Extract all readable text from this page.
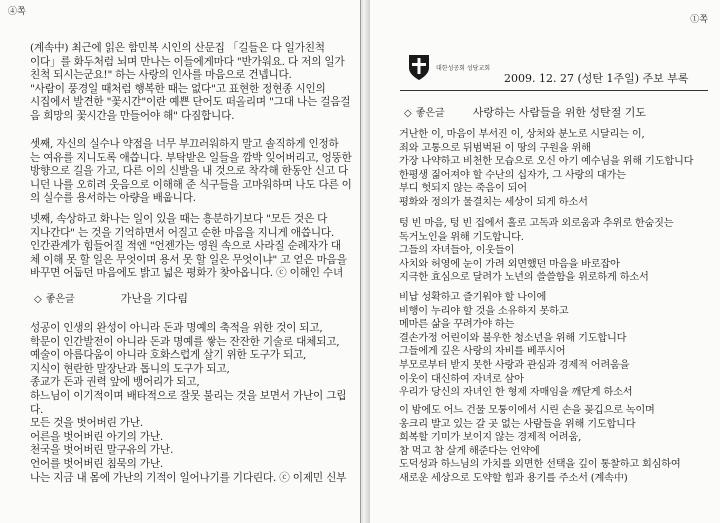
④쪽
(계속中) 최근에 읽은 함민복 시인의 산문집 「길들은 다 일가친척
이다」를 화두처럼 뇌며 만나는 이들에게마다 "반가워요. 다 저의 일가
친척 되시는군요!" 하는 사랑의 인사를 마음으로 건넵니다.
"사람이 풍경일 때처럼 행복한 때는 없다"고 표현한 정현종 시인의
시집에서 발견한 "꽃시간"이란 예쁜 단어도 떠올리며 "그대 나는 걸음걸
음 희망의 꽃시간을 만들어야 해" 다짐합니다.
셋째, 자신의 실수나 약점을 너무 부끄러워하지 말고 솔직하게 인정하
는 여유를 지니도록 애씁니다. 부탁받은 일들을 깜박 잊어버리고, 엉뚱한
방향으로 길을 가고, 다른 이의 신발을 내 것으로 착각해 한동안 신고 다
니던 나를 오히려 웃음으로 이해해 준 식구들을 고마워하며 나도 다른 이
의 실수를 용서하는 아량을 배웁니다.
넷째, 속상하고 화나는 일이 있을 때는 흥분하기보다 "모든 것은 다
지나간다" 는 것을 기억하면서 어질고 순한 마음을 지니게 애씁니다.
인간관계가 힘들어질 적엔 "언젠가는 영원 속으로 사라질 순례자가 대
체 이해 못 할 일은 무엇이며 용서 못 할 일은 무엇이냐" 고 얻은 마음을
바꾸면 어둡던 마음에도 밝고 넓은 평화가 찾아옵니다. ⓒ 이해인 수녀
◇ 좋은글	가난을 기다림
성공이 인생의 완성이 아니라 돈과 명예의 축적을 위한 것이 되고,
학문이 인간발전이 아니라 돈과 명예를 쌓는 잔잔한 기술로 대체되고,
예술이 아름다움이 아니라 호화스럽게 살기 위한 도구가 되고,
지식이 현란한 말장난과 톱니의 도구가 되고,
종교가 돈과 권력 앞에 뱅어리가 되고,
하느님이 이기적이며 배타적으로 잘못 불리는 것을 보면서 가난이 그립
다.
모든 것을 벗어버린 가난.
어른을 벗어버린 아기의 가난.
천국을 벗어버린 말구유의 가난.
언어를 벗어버린 침묵의 가난.
나는 지금 내 몸에 가난의 기적이 일어나기를 기다린다. ⓒ 이제민 신부
①쪽
대한성공회 성당교회
2009. 12. 27 (성탄 1주일) 주보 부록
◇ 좋은글	사랑하는 사람들을 위한 성탄절 기도
거난한 이, 마음이 부서진 이, 상처와 분노로 시달리는 이,
죄와 고통으로 뒤범벅된 이 땅의 구원을 위해
가장 나약하고 비천한 모습으로 오신 아기 예수님을 위해 기도합니다
한평생 짊어져야 할 수난의 십자가, 그 사랑의 대가는
부디 헛되지 않는 죽음이 되어
평화와 정의가 물결치는 세상이 되게 하소서
텅 빈 마음, 텅 빈 집에서 홀로 고독과 외로움과 추위로 한숨짓는
독거노인을 위해 기도합니다.
그들의 자녀들아, 이웃들이
사치와 허영에 눈이 가려 외면했던 마음을 바로잡아
지극한 효심으로 달려가 노년의 쓸쓸함을 위로하게 하소서
비납 성확하고 즐기워야 할 나이에
비행이 누리야 할 것을 소유하지 못하고
메마른 삶을 꾸려가야 하는
결손가정 어린이와 불우한 청소년을 위해 기도합니다
그들에게 깊은 사랑의 자비를 베푸시어
부모로부터 받지 못한 사랑과 관심과 경제적 어려움을
이웃이 대신하여 자녀로 삼아
우리가 당신의 자녀인 한 형제 자매임을 깨닫게 하소서
이 밤에도 어느 건물 모퉁이에서 시린 손을 꽂깁으로 녹이며
옹크리 발고 있는 갈 곳 없는 사람들을 위해 기도합니다
희복할 기미가 보이지 않는 경제적 어려움,
참 먹고 참 살게 해준다는 언약에
도덕성과 하느님의 가치를 외면한 선택을 깊이 통찰하고 회심하여
새로운 세상으로 도약할 힘과 용기를 주소서 (계속中)
